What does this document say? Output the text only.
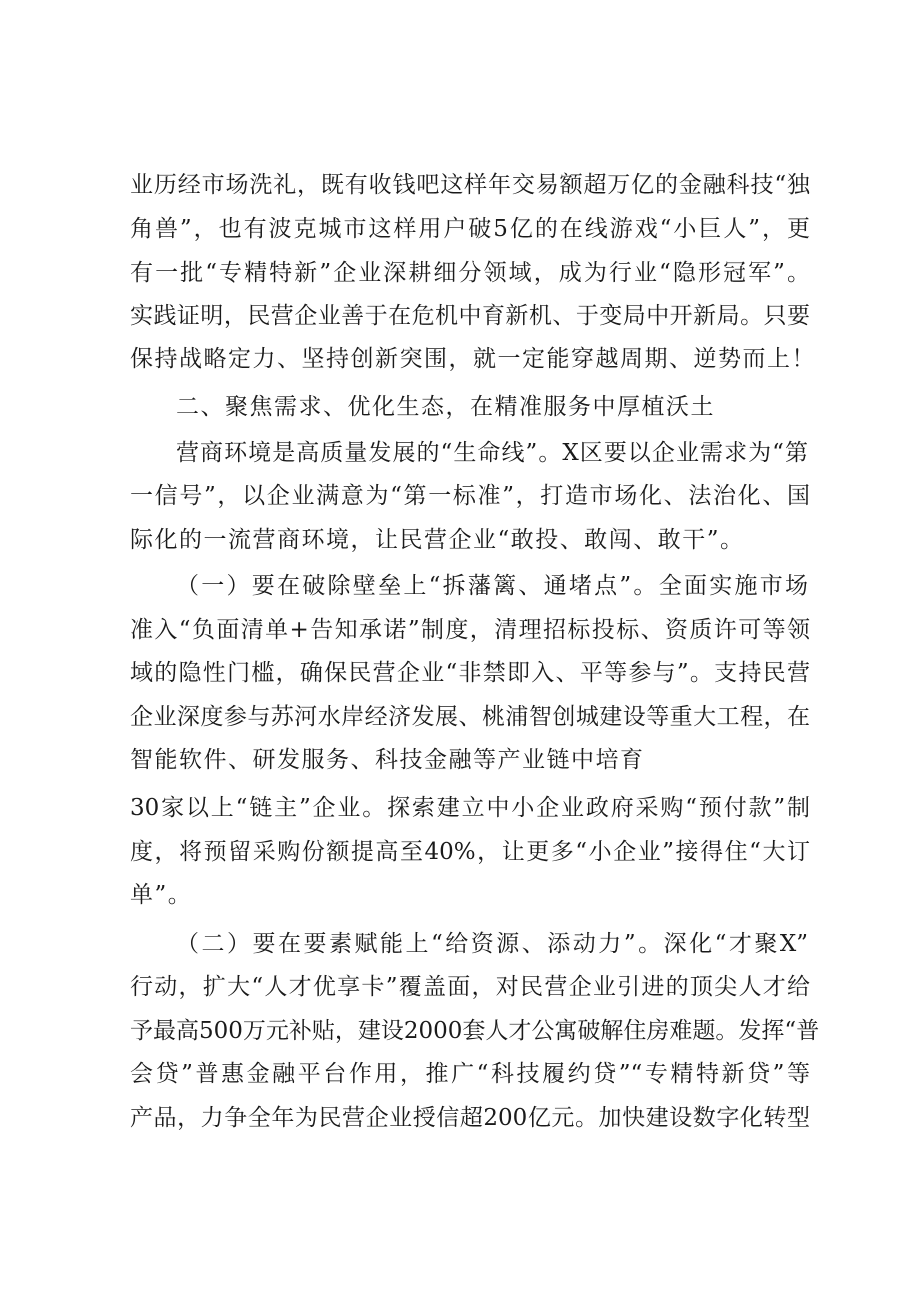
业历经市场洗礼，既有收钱吧这样年交易额超万亿的金融科技“独

角兽”，也有波克城市这样用户破5亿的在线游戏“小巨人”，更

有一批“专精特新”企业深耕细分领域，成为行业“隐形冠军”。

实践证明，民营企业善于在危机中育新机、于变局中开新局。只要

保持战略定力、坚持创新突围，就一定能穿越周期、逆势而上！

二、聚焦需求、优化生态，在精准服务中厚植沃土

营商环境是高质量发展的“生命线”。X区要以企业需求为“第

一信号”，以企业满意为“第一标准”，打造市场化、法治化、国

际化的一流营商环境，让民营企业“敢投、敢闯、敢干”。

（一）要在破除壁垒上“拆藩篱、通堵点”。全面实施市场

准入“负面清单+告知承诺”制度，清理招标投标、资质许可等领

域的隐性门槛，确保民营企业“非禁即入、平等参与”。支持民营

企业深度参与苏河水岸经济发展、桃浦智创城建设等重大工程，在

智能软件、研发服务、科技金融等产业链中培育

30家以上“链主”企业。探索建立中小企业政府采购“预付款”制

度，将预留采购份额提高至40%，让更多“小企业”接得住“大订

单”。

（二）要在要素赋能上“给资源、添动力”。深化“才聚X”

行动，扩大“人才优享卡”覆盖面，对民营企业引进的顶尖人才给

予最高500万元补贴，建设2000套人才公寓破解住房难题。发挥“普

会贷”普惠金融平台作用，推广“科技履约贷”“专精特新贷”等

产品，力争全年为民营企业授信超200亿元。加快建设数字化转型
